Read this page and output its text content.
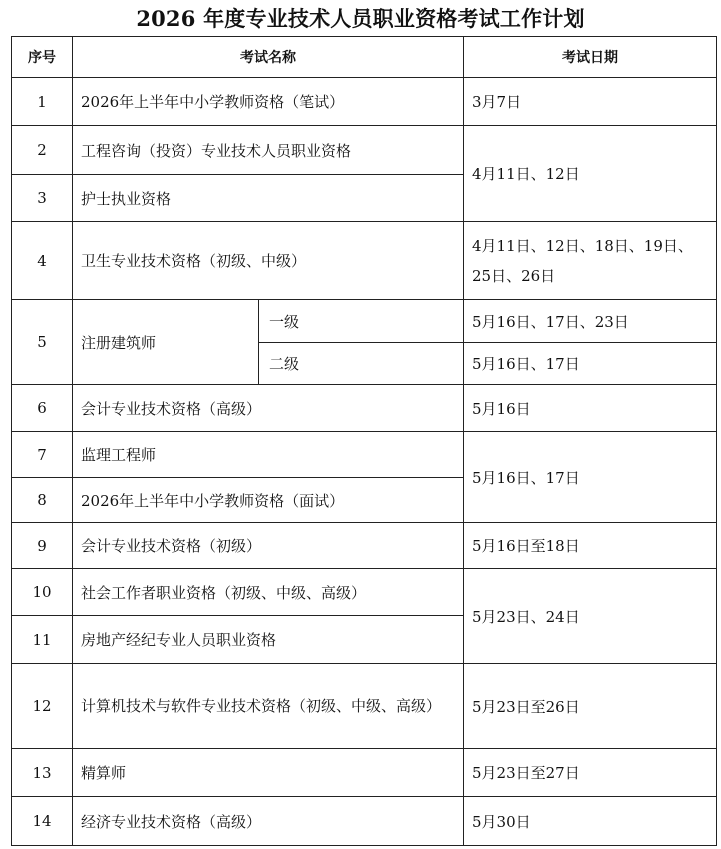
2026 年度专业技术人员职业资格考试工作计划
序号	考试名称		考试日期
1	2026年上半年中小学教师资格（笔试）		3月7日
2	工程咨询（投资）专业技术人员职业资格		4月11日、12日
3	护士执业资格		
4	卫生专业技术资格（初级、中级）		4月11日、12日、18日、19日、25日、26日
5	注册建筑师	一级	5月16日、17日、23日
		二级	5月16日、17日
6	会计专业技术资格（高级）		5月16日
7	监理工程师		5月16日、17日
8	2026年上半年中小学教师资格（面试）		
9	会计专业技术资格（初级）		5月16日至18日
10	社会工作者职业资格（初级、中级、高级）		5月23日、24日
11	房地产经纪专业人员职业资格		
12	计算机技术与软件专业技术资格（初级、中级、高级）		5月23日至26日
13	精算师		5月23日至27日
14	经济专业技术资格（高级）		5月30日
